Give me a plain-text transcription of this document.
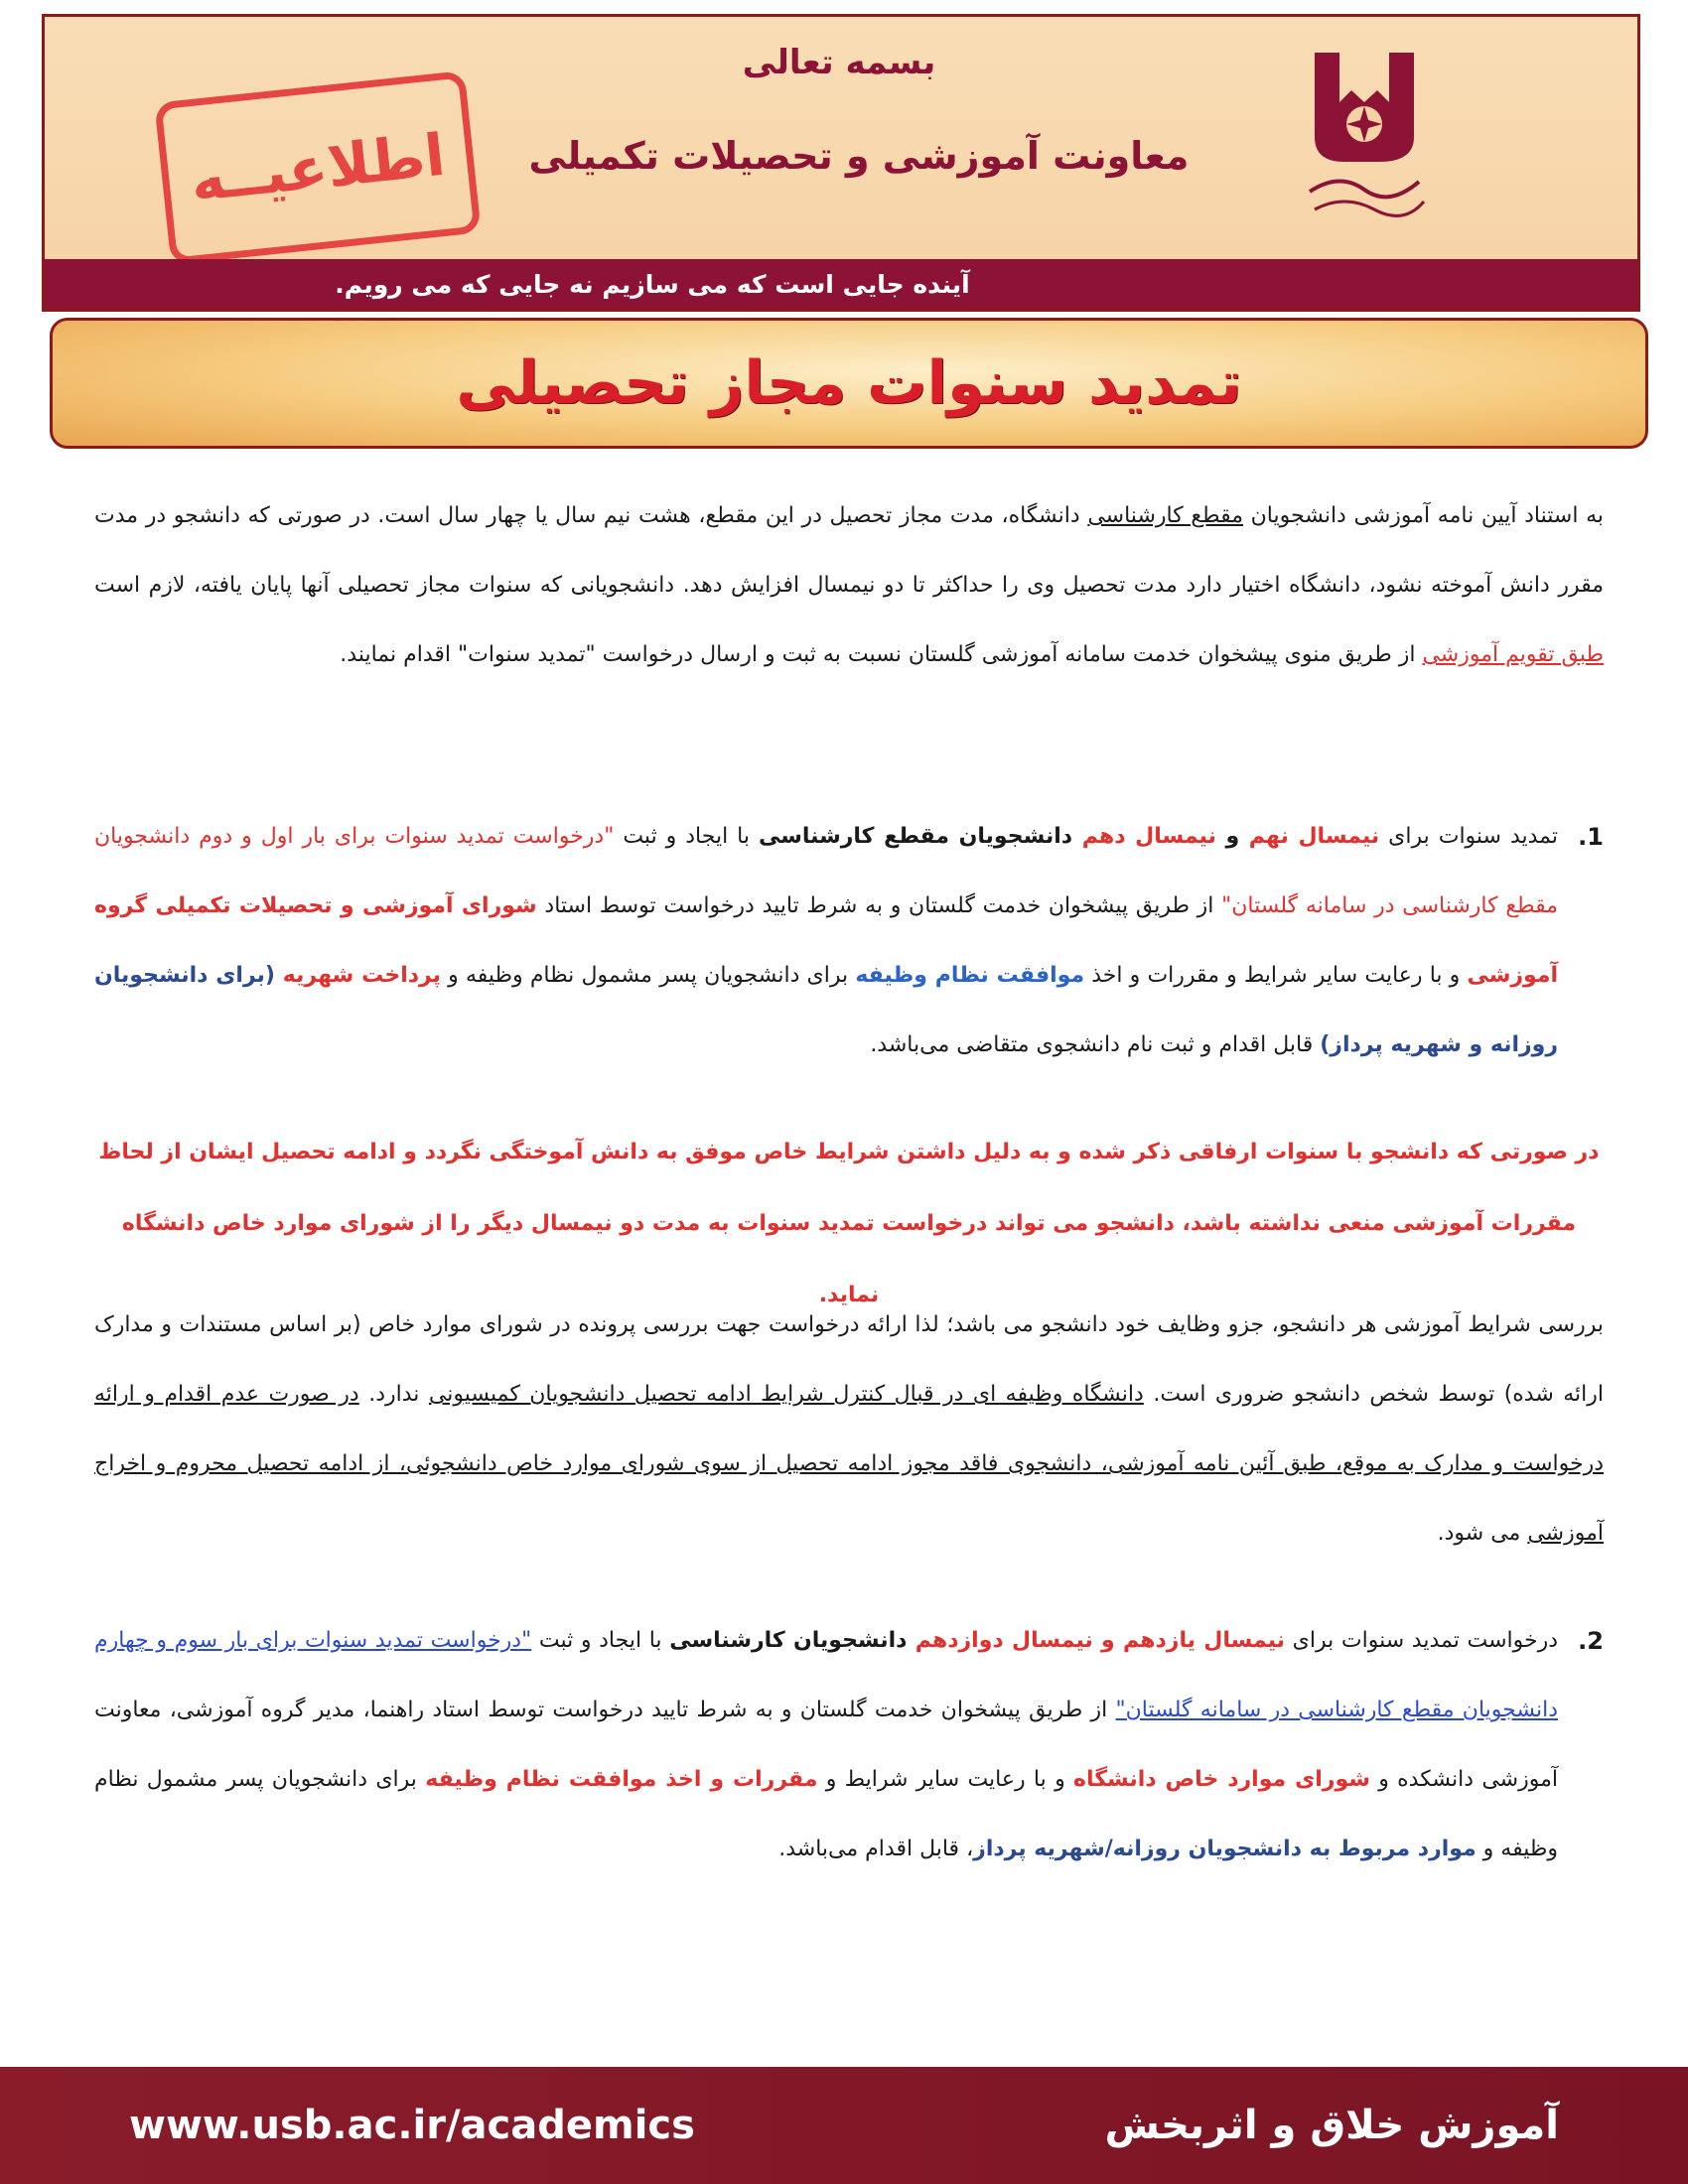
بسمه تعالی
معاونت آموزشی و تحصیلات تکمیلی
اطلاعیــه
آینده جایی است که می سازیم نه جایی که می رویم.
تمدید سنوات مجاز تحصیلی

به استناد آیین نامه آموزشی دانشجویان مقطع کارشناسی دانشگاه، مدت مجاز تحصیل در این مقطع، هشت نیم سال یا چهار سال است. در صورتی که دانشجو در مدت مقرر دانش آموخته نشود، دانشگاه اختیار دارد مدت تحصیل وی را حداکثر تا دو نیمسال افزایش دهد. دانشجویانی که سنوات مجاز تحصیلی آنها پایان یافته، لازم است طبق تقویم آموزشی از طریق منوی پیشخوان خدمت سامانه آموزشی گلستان نسبت به ثبت و ارسال درخواست "تمدید سنوات" اقدام نمایند.

1.

تمدید سنوات برای نیمسال نهم و نیمسال دهم دانشجویان مقطع کارشناسی با ایجاد و ثبت "درخواست تمدید سنوات برای بار اول و دوم دانشجویان مقطع کارشناسی در سامانه گلستان" از طریق پیشخوان خدمت گلستان و به شرط تایید درخواست توسط استاد شورای آموزشی و تحصیلات تکمیلی گروه آموزشی و با رعایت سایر شرایط و مقررات و اخذ موافقت نظام وظیفه برای دانشجویان پسر مشمول نظام وظیفه و پرداخت شهریه (برای دانشجویان روزانه و شهریه پرداز) قابل اقدام و ثبت نام دانشجوی متقاضی می‌باشد.

در صورتی که دانشجو با سنوات ارفاقی ذکر شده و به دلیل داشتن شرایط خاص موفق به دانش آموختگی نگردد و ادامه تحصیل ایشان از لحاظ مقررات آموزشی منعی نداشته باشد، دانشجو می تواند درخواست تمدید سنوات به مدت دو نیمسال دیگر را از شورای موارد خاص دانشگاه نماید.

بررسی شرایط آموزشی هر دانشجو، جزو وظایف خود دانشجو می باشد؛ لذا ارائه درخواست جهت بررسی پرونده در شورای موارد خاص (بر اساس مستندات و مدارک ارائه شده) توسط شخص دانشجو ضروری است. دانشگاه وظیفه ای در قبال کنترل شرایط ادامه تحصیل دانشجویان کمیسیونی ندارد. در صورت عدم اقدام و ارائه درخواست و مدارک به موقع، طبق آئین نامه آموزشی، دانشجوی فاقد مجوز ادامه تحصیل از سوی شورای موارد خاص دانشجوئی، از ادامه تحصیل محروم و اخراج آموزشی می شود.

2.

درخواست تمدید سنوات برای نیمسال یازدهم و نیمسال دوازدهم دانشجویان کارشناسی با ایجاد و ثبت "درخواست تمدید سنوات برای بار سوم و چهارم دانشجویان مقطع کارشناسی در سامانه گلستان" از طریق پیشخوان خدمت گلستان و به شرط تایید درخواست توسط استاد راهنما، مدیر گروه آموزشی، معاونت آموزشی دانشکده و شورای موارد خاص دانشگاه و با رعایت سایر شرایط و مقررات و اخذ موافقت نظام وظیفه برای دانشجویان پسر مشمول نظام وظیفه و موارد مربوط به دانشجویان روزانه/شهریه پرداز، قابل اقدام می‌باشد.

آموزش خلاق و اثربخش
www.usb.ac.ir/academics
